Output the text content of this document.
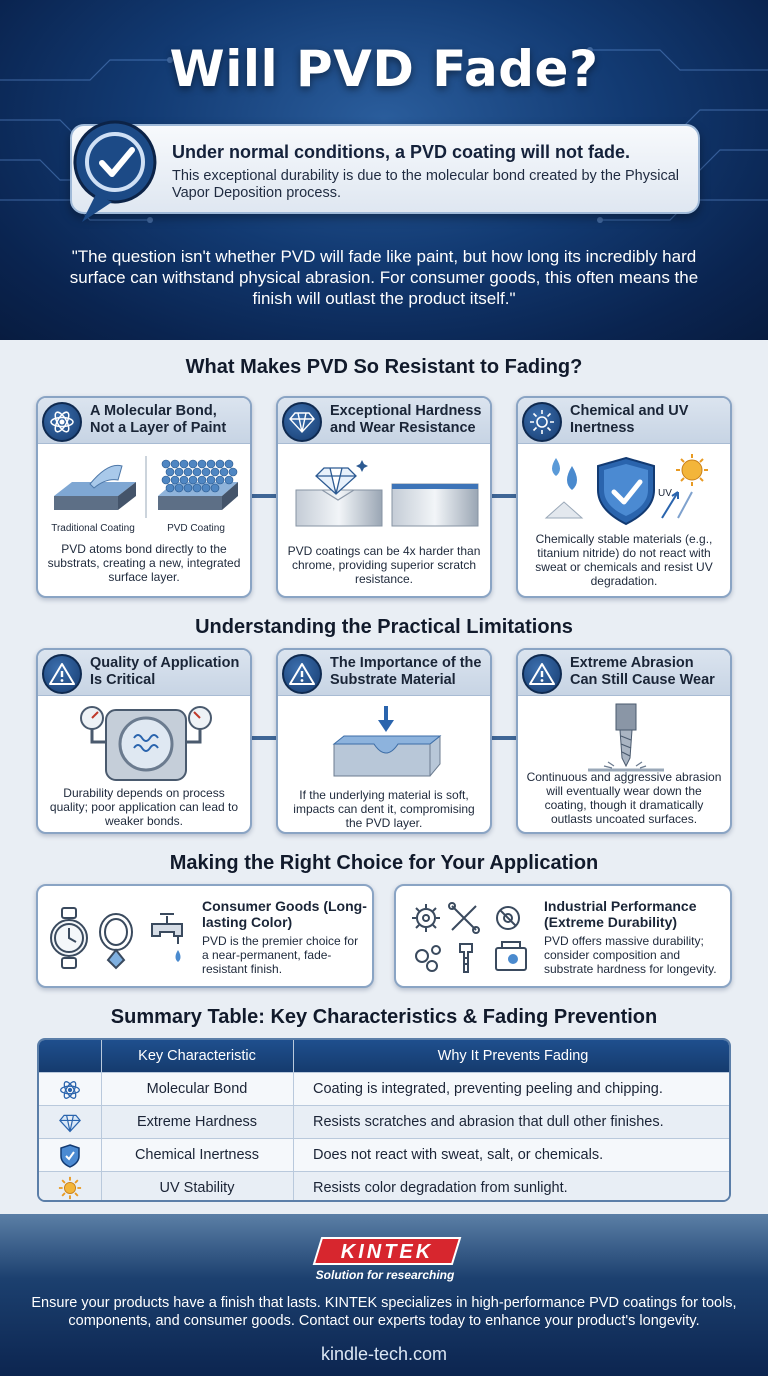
Will PVD Fade?
Under normal conditions, a PVD coating will not fade.
This exceptional durability is due to the molecular bond created by the Physical Vapor Deposition process.
"The question isn't whether PVD will fade like paint, but how long its incredibly hard surface can withstand physical abrasion. For consumer goods, this often means the finish will outlast the product itself."
What Makes PVD So Resistant to Fading?
A Molecular Bond, Not a Layer of Paint
Traditional Coating	PVD Coating
PVD atoms bond directly to the substrats, creating a new, integrated surface layer.
Exceptional Hardness and Wear Resistance
PVD coatings can be 4x harder than chrome, providing superior scratch resistance.
Chemical and UV Inertness
UV
Chemically stable materials (e.g., titanium nitride) do not react with sweat or chemicals and resist UV degradation.
Understanding the Practical Limitations
Quality of Application Is Critical
Durability depends on process quality; poor application can lead to weaker bonds.
The Importance of the Substrate Material
If the underlying material is soft, impacts can dent it, compromising the PVD layer.
Extreme Abrasion Can Still Cause Wear
Continuous and aggressive abrasion will eventually wear down the coating, though it dramatically outlasts uncoated surfaces.
Making the Right Choice for Your Application
Consumer Goods (Long-lasting Color)
PVD is the premier choice for a near-permanent, fade-resistant finish.
Industrial Performance (Extreme Durability)
PVD offers massive durability; consider composition and substrate hardness for longevity.
Summary Table: Key Characteristics & Fading Prevention
Key Characteristic	Why It Prevents Fading
Molecular Bond	Coating is integrated, preventing peeling and chipping.
Extreme Hardness	Resists scratches and abrasion that dull other finishes.
Chemical Inertness	Does not react with sweat, salt, or chemicals.
UV Stability	Resists color degradation from sunlight.
KINTEK
Solution for researching
Ensure your products have a finish that lasts. KINTEK specializes in high-performance PVD coatings for tools, components, and consumer goods. Contact our experts today to enhance your product's longevity.
kindle-tech.com
